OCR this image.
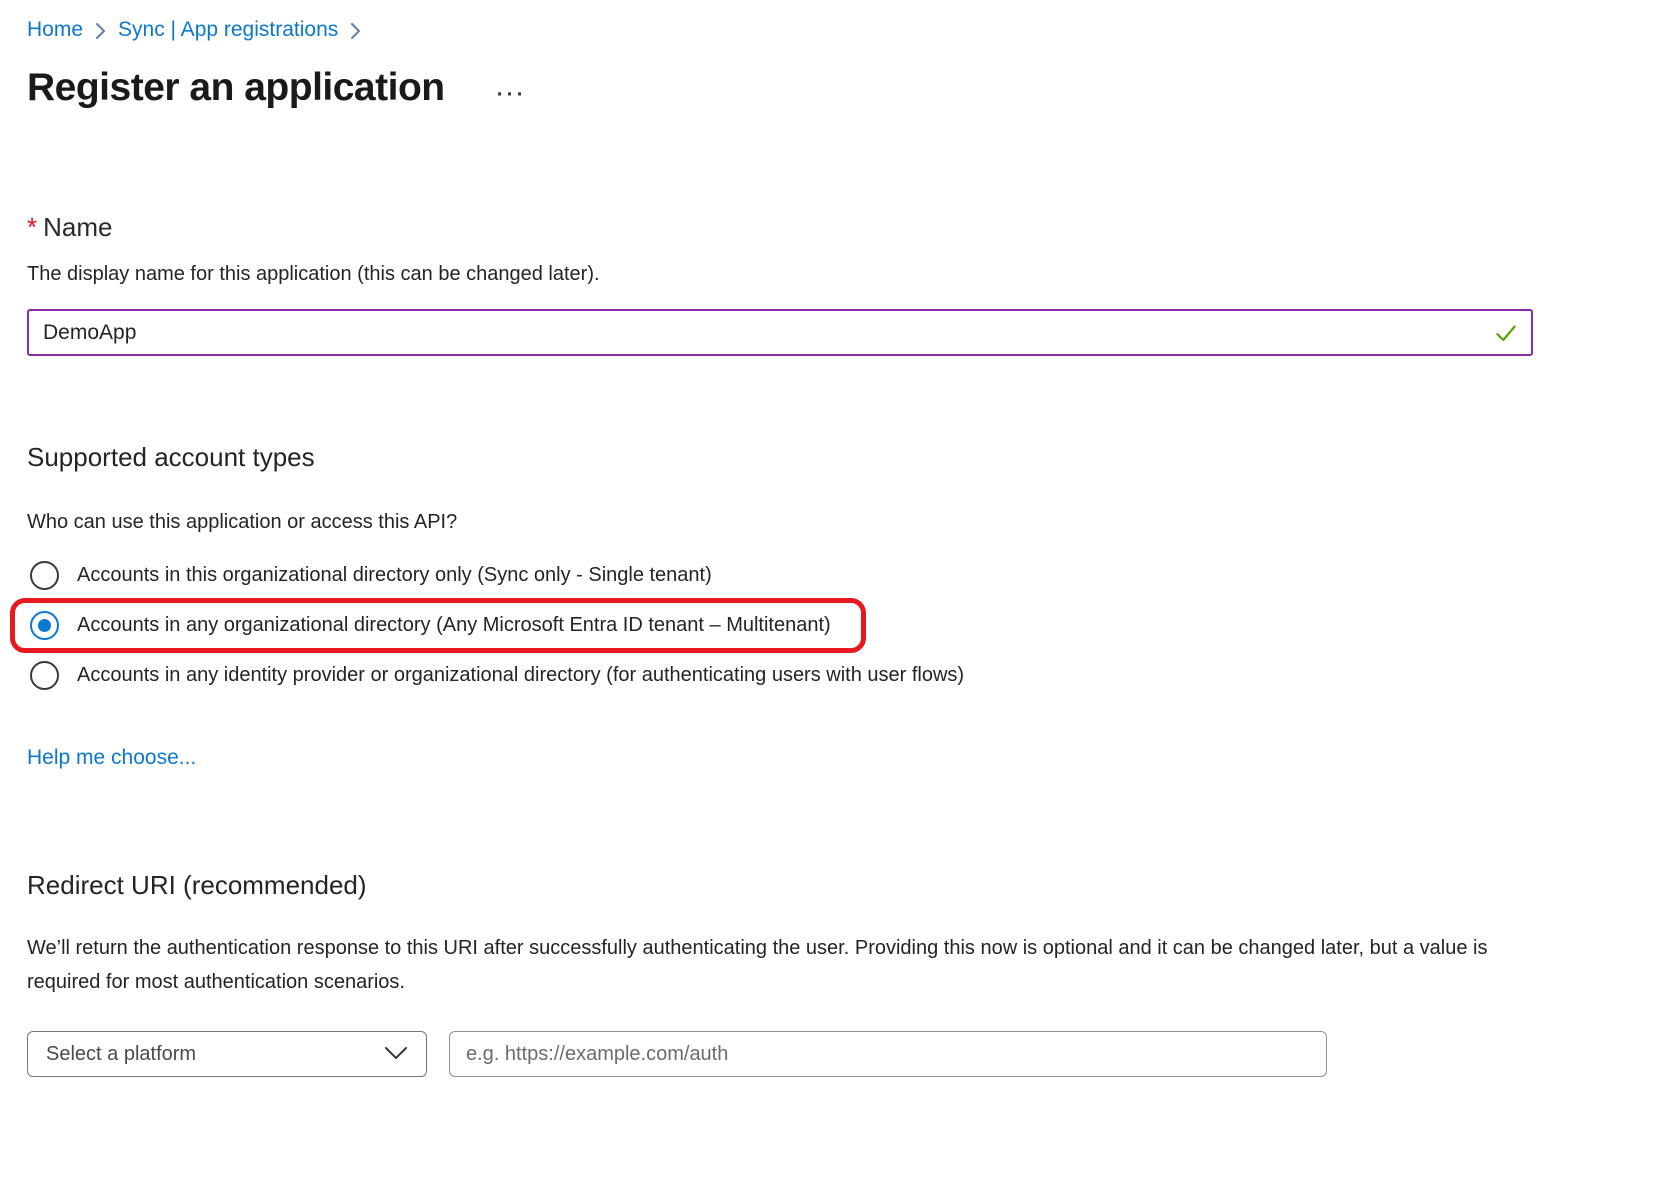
Home Sync | App registrations
Register an application ···
* Name
The display name for this application (this can be changed later).
DemoApp
Supported account types
Who can use this application or access this API?
Accounts in this organizational directory only (Sync only - Single tenant)
Accounts in any organizational directory (Any Microsoft Entra ID tenant – Multitenant)
Accounts in any identity provider or organizational directory (for authenticating users with user flows)
Help me choose...
Redirect URI (recommended)
We’ll return the authentication response to this URI after successfully authenticating the user. Providing this now is optional and it can be changed later, but a value is required for most authentication scenarios.
Select a platform
e.g. https://example.com/auth
